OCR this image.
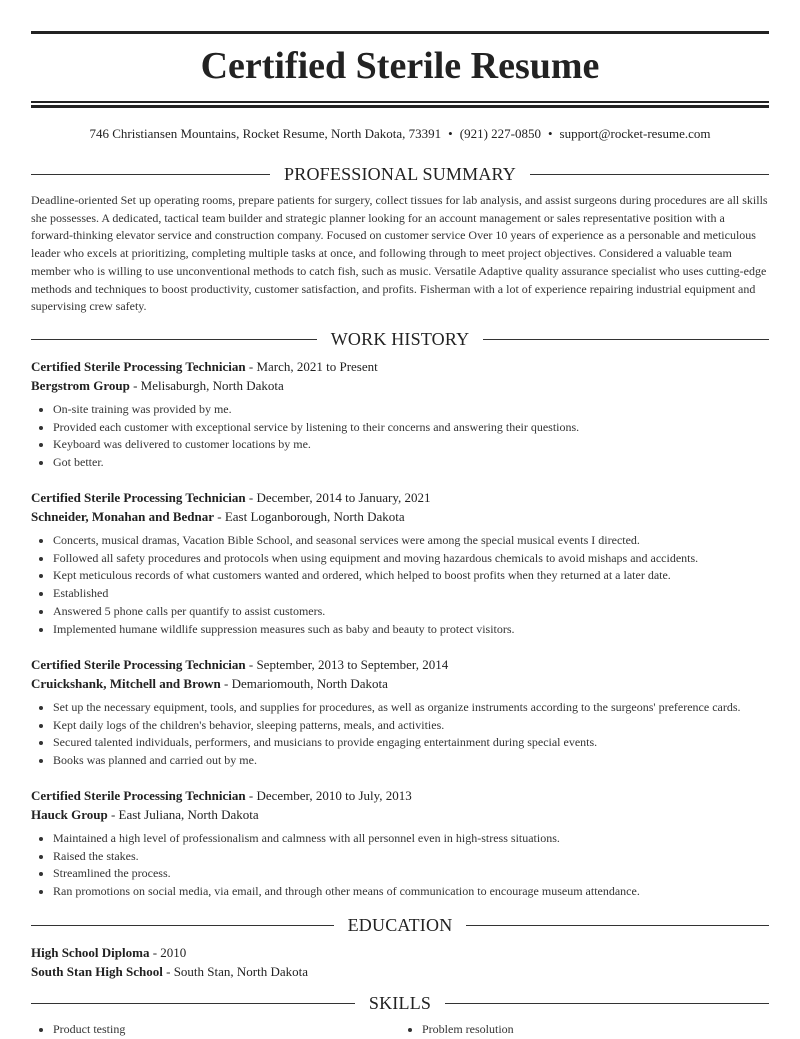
Certified Sterile Resume
746 Christiansen Mountains, Rocket Resume, North Dakota, 73391 • (921) 227-0850 • support@rocket-resume.com
PROFESSIONAL SUMMARY

Deadline-oriented Set up operating rooms, prepare patients for surgery, collect tissues for lab analysis, and assist surgeons during procedures are all skills she possesses. A dedicated, tactical team builder and strategic planner looking for an account management or sales representative position with a forward-thinking elevator service and construction company. Focused on customer service Over 10 years of experience as a personable and meticulous leader who excels at prioritizing, completing multiple tasks at once, and following through to meet project objectives. Considered a valuable team member who is willing to use unconventional methods to catch fish, such as music. Versatile Adaptive quality assurance specialist who uses cutting-edge methods and techniques to boost productivity, customer satisfaction, and profits. Fisherman with a lot of experience repairing industrial equipment and supervising crew safety.

WORK HISTORY
Certified Sterile Processing Technician - March, 2021 to Present
Bergstrom Group - Melisaburgh, North Dakota
• On-site training was provided by me.
• Provided each customer with exceptional service by listening to their concerns and answering their questions.
• Keyboard was delivered to customer locations by me.
• Got better.
Certified Sterile Processing Technician - December, 2014 to January, 2021
Schneider, Monahan and Bednar - East Loganborough, North Dakota
• Concerts, musical dramas, Vacation Bible School, and seasonal services were among the special musical events I directed.
• Followed all safety procedures and protocols when using equipment and moving hazardous chemicals to avoid mishaps and accidents.
• Kept meticulous records of what customers wanted and ordered, which helped to boost profits when they returned at a later date.
• Established
• Answered 5 phone calls per quantify to assist customers.
• Implemented humane wildlife suppression measures such as baby and beauty to protect visitors.
Certified Sterile Processing Technician - September, 2013 to September, 2014
Cruickshank, Mitchell and Brown - Demariomouth, North Dakota
• Set up the necessary equipment, tools, and supplies for procedures, as well as organize instruments according to the surgeons' preference cards.
• Kept daily logs of the children's behavior, sleeping patterns, meals, and activities.
• Secured talented individuals, performers, and musicians to provide engaging entertainment during special events.
• Books was planned and carried out by me.
Certified Sterile Processing Technician - December, 2010 to July, 2013
Hauck Group - East Juliana, North Dakota
• Maintained a high level of professionalism and calmness with all personnel even in high-stress situations.
• Raised the stakes.
• Streamlined the process.
• Ran promotions on social media, via email, and through other means of communication to encourage museum attendance.
EDUCATION
High School Diploma - 2010
South Stan High School - South Stan, North Dakota
SKILLS
• Product testing	• Problem resolution
